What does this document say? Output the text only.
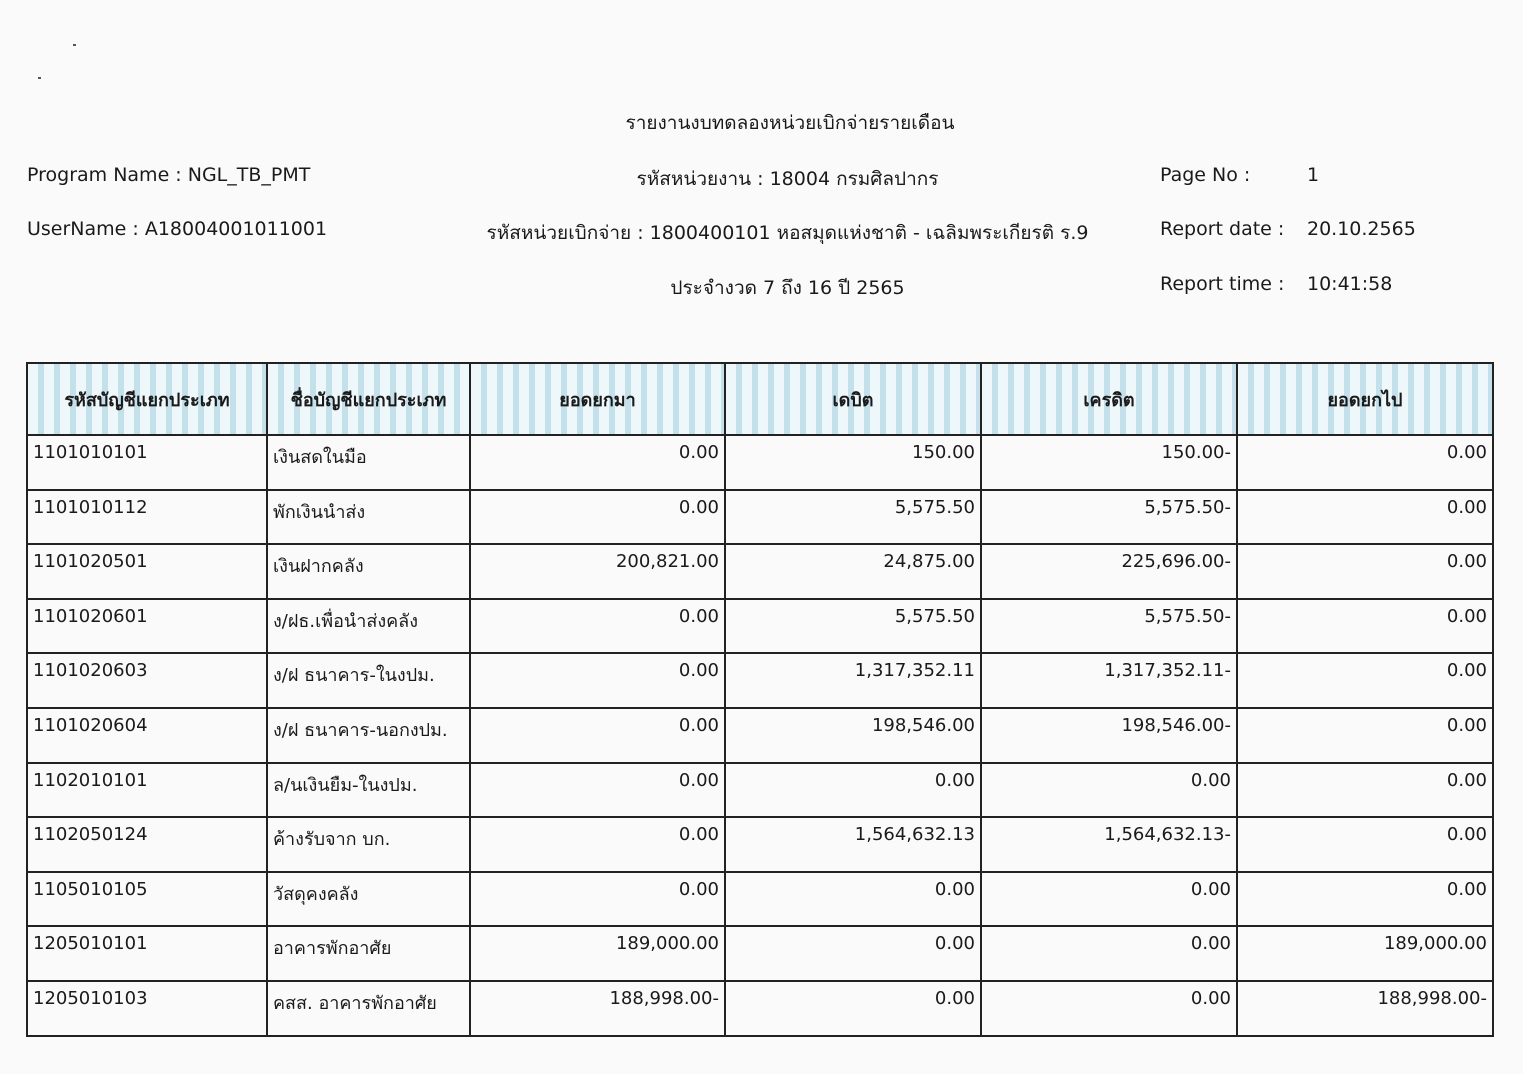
รายงานงบทดลองหน่วยเบิกจ่ายรายเดือน
Program Name : NGL_TB_PMT
UserName : A18004001011001
รหัสหน่วยงาน : 18004 กรมศิลปากร
รหัสหน่วยเบิกจ่าย : 1800400101 หอสมุดแห่งชาติ - เฉลิมพระเกียรติ ร.9
ประจำงวด 7 ถึง 16 ปี 2565
Page No :	1
Report date : 20.10.2565
Report time : 10:41:58
รหัสบัญชีแยกประเภท	ชื่อบัญชีแยกประเภท	ยอดยกมา	เดบิต	เครดิต	ยอดยกไป
1101010101	เงินสดในมือ	0.00	150.00	150.00-	0.00
1101010112	พักเงินนำส่ง	0.00	5,575.50	5,575.50-	0.00
1101020501	เงินฝากคลัง	200,821.00	24,875.00	225,696.00-	0.00
1101020601	ง/ฝธ.เพื่อนำส่งคลัง	0.00	5,575.50	5,575.50-	0.00
1101020603	ง/ฝ ธนาคาร-ในงปม.	0.00	1,317,352.11	1,317,352.11-	0.00
1101020604	ง/ฝ ธนาคาร-นอกงปม.	0.00	198,546.00	198,546.00-	0.00
1102010101	ล/นเงินยืม-ในงปม.	0.00	0.00	0.00	0.00
1102050124	ค้างรับจาก บก.	0.00	1,564,632.13	1,564,632.13-	0.00
1105010105	วัสดุคงคลัง	0.00	0.00	0.00	0.00
1205010101	อาคารพักอาศัย	189,000.00	0.00	0.00	189,000.00
1205010103	คสส. อาคารพักอาศัย	188,998.00-	0.00	0.00	188,998.00-
